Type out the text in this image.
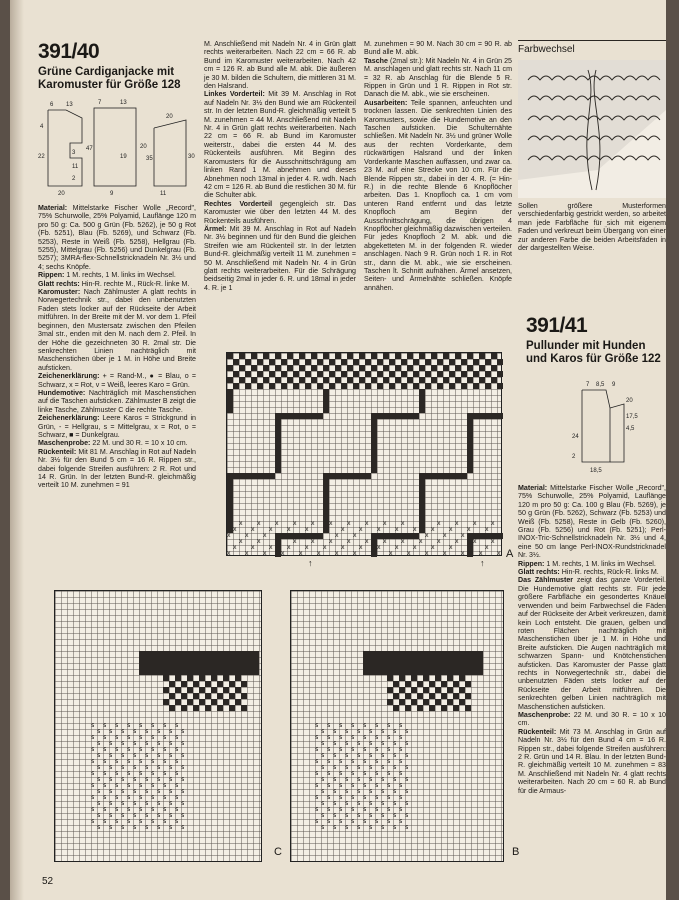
391/40
Grüne Cardiganjacke mit Karomuster für Größe 128
6 13	7	13
20
4
22
3
11
2
47	20
35	30
19
20	9	11

Material: Mittelstarke Fischer Wolle „Record", 75% Schurwolle, 25% Polyamid, Lauflänge 120 m pro 50 g: Ca. 500 g Grün (Fb. 5262), je 50 g Rot (Fb. 5251), Blau (Fb. 5269), und Schwarz (Fb. 5253), Reste in Weiß (Fb. 5258), Hellgrau (Fb. 5255), Mittelgrau (Fb. 5256) und Dunkelgrau (Fb. 5257); 3MRA-flex-Schnellstricknadeln Nr. 3½ und 4; sechs Knöpfe.

Rippen: 1 M. rechts, 1 M. links im Wechsel.

Glatt rechts: Hin-R. rechte M., Rück-R. linke M.

Karomuster: Nach Zählmuster A glatt rechts in Norwegertechnik str., dabei den unbenutzten Faden stets locker auf der Rückseite der Arbeit mitführen. In der Breite mit der M. vor dem 1. Pfeil beginnen, den Mustersatz zwischen den Pfeilen 3mal str., enden mit den M. nach dem 2. Pfeil. In der Höhe die gezeichneten 30 R. 2mal str. Die senkrechten Linien nachträglich mit Maschenstichen über je 1 M. in Höhe und Breite aufsticken.

Zeichenerklärung: + = Rand-M., ● = Blau, o = Schwarz, x = Rot, v = Weiß, leeres Karo = Grün.

Hundemotive: Nachträglich mit Maschenstichen auf die Taschen aufsticken. Zählmuster B zeigt die linke Tasche, Zählmuster C die rechte Tasche.

Zeichenerklärung: Leere Karos = Strickgrund in Grün, - = Hellgrau, s = Mittelgrau, x = Rot, o = Schwarz, ■ = Dunkelgrau.

Maschenprobe: 22 M. und 30 R. = 10 x 10 cm.

Rückenteil: Mit 81 M. Anschlag in Rot auf Nadeln Nr. 3½ für den Bund 5 cm = 16 R. Rippen str., dabei folgende Streifen ausführen: 2 R. Rot und 14 R. Grün. In der letzten Bund-R. gleichmäßig verteilt 10 M. zunehmen = 91

M. Anschließend mit Nadeln Nr. 4 in Grün glatt rechts weiterarbeiten. Nach 22 cm = 66 R. ab Bund im Karomuster weiterarbeiten. Nach 42 cm = 126 R. ab Bund alle M. abk. Die äußeren je 30 M. bilden die Schultern, die mittleren 31 M. den Halsrand.

Linkes Vorderteil: Mit 39 M. Anschlag in Rot auf Nadeln Nr. 3½ den Bund wie am Rückenteil str. In der letzten Bund-R. gleichmäßig verteilt 5 M. zunehmen = 44 M. Anschließend mit Nadeln Nr. 4 in Grün glatt rechts weiterarbeiten. Nach 22 cm = 66 R. ab Bund im Karomuster weiterstr., dabei die ersten 44 M. des Rückenteils ausführen. Mit Beginn des Karomusters für die Ausschnittschrägung am linken Rand 1 M. abnehmen und dieses Abnehmen noch 13mal in jeder 4. R. wdh. Nach 42 cm = 126 R. ab Bund die restlichen 30 M. für die Schulter abk.

Rechtes Vorderteil gegengleich str. Das Karomuster wie über den letzten 44 M. des Rückenteils ausführen.

Ärmel: Mit 39 M. Anschlag in Rot auf Nadeln Nr. 3½ beginnen und für den Bund die gleichen Streifen wie am Rückenteil str. In der letzten Bund-R. gleichmäßig verteilt 11 M. zunehmen = 50 M. Anschließend mit Nadeln Nr. 4 in Grün glatt rechts weiterarbeiten. Für die Schrägung beidseitig 2mal in jeder 6. R. und 18mal in jeder 4. R. je 1

M. zunehmen = 90 M. Nach 30 cm = 90 R. ab Bund alle M. abk.

Tasche (2mal str.): Mit Nadeln Nr. 4 in Grün 25 M. anschlagen und glatt rechts str. Nach 11 cm = 32 R. ab Anschlag für die Blende 5 R. Rippen in Grün und 1 R. Rippen in Rot str. Danach die M. abk., wie sie erscheinen.

Ausarbeiten: Teile spannen, anfeuchten und trocknen lassen. Die senkrechten Linien des Karomusters, sowie die Hundemotive an den Taschen aufsticken. Die Schulternähte schließen. Mit Nadeln Nr. 3½ und grüner Wolle aus der rechten Vorderkante, dem rückwärtigen Halsrand und der linken Vorderkante Maschen auffassen, und zwar ca. 23 M. auf eine Strecke von 10 cm. Für die Blende Rippen str., dabei in der 4. R. (= Hin-R.) in die rechte Blende 6 Knopflöcher arbeiten. Das 1. Knopfloch ca. 1 cm vom unteren Rand entfernt und das letzte Knopfloch am Beginn der Ausschnittschrägung, die übrigen 4 Knopflöcher gleichmäßig dazwischen verteilen. Für jedes Knopfloch 2 M. abk. und die abgeketteten M. in der folgenden R. wieder anschlagen. Nach 9 R. Grün noch 1 R. in Rot str., dann die M. abk., wie sie erscheinen. Taschen lt. Schnitt aufnähen. Ärmel ansetzen, Seiten- und Ärmelnähte schließen. Knöpfe annähen.

Farbwechsel
Sollen größere Musterformen verschiedenfarbig gestrickt werden, so arbeitet man jede Farbfläche für sich mit eigenem Faden und verkreuzt beim Übergang von einer zur anderen Farbe die beiden Arbeitsfäden in der dargestellten Weise.
391/41
Pullunder mit Hunden und Karos für Größe 122
7 8,5 9
20
17,5
4,5
24
2
18,5

Material: Mittelstarke Fischer Wolle „Record", 75% Schurwolle, 25% Polyamid, Lauflänge 120 m pro 50 g: Ca. 100 g Blau (Fb. 5269), je 50 g Grün (Fb. 5262), Schwarz (Fb. 5253) und Weiß (Fb. 5258), Reste in Gelb (Fb. 5260), Grau (Fb. 5256) und Rot (Fb. 5251); Perl-INOX-Tric-Schnellstricknadeln Nr. 3½ und 4, eine 50 cm lange Perl-INOX-Rundstricknadel Nr. 3½.

Rippen: 1 M. rechts, 1 M. links im Wechsel.

Glatt rechts: Hin-R. rechts, Rück-R. links M.

Das Zählmuster zeigt das ganze Vorderteil. Die Hundemotive glatt rechts str. Für jede größere Farbfläche ein gesondertes Knäuel verwenden und beim Farbwechsel die Fäden auf der Rückseite der Arbeit verkreuzen, damit kein Loch entsteht. Die grauen, gelben und roten Flächen nachträglich mit Maschenstichen über je 1 M. in Höhe und Breite aufsticken. Die Augen nachträglich mit schwarzen Spann- und Knötchenstichen aufsticken. Das Karomuster der Passe glatt rechts in Norwegertechnik str., dabei die unbenutzten Fäden stets locker auf der Rückseite der Arbeit mitführen. Die senkrechten gelben Linien nachträglich mit Maschenstichen aufsticken.

Maschenprobe: 22 M. und 30 R. = 10 x 10 cm.

Rückenteil: Mit 73 M. Anschlag in Grün auf Nadeln Nr. 3½ für den Bund 4 cm = 16 R. Rippen str., dabei folgende Streifen ausführen: 2 R. Grün und 14 R. Blau. In der letzten Bund-R. gleichmäßig verteilt 10 M. zunehmen = 83 M. Anschließend mit Nadeln Nr. 4 glatt rechts weiterarbeiten. Nach 20 cm = 60 R. ab Bund für die Armaus-

x x x x x x x x x x	x x x x
x x x x x	x x x x x x x x x
x x x	x x	x x x
x x	x x x x x x x x x x x x
x x x x x x x x x x x x x	x
x x x x x x x x	x x x x x x x A
↑	↑
s s s s s s s s
s s s s s s s s
s s s s s s s s
s s s s s s s s
s s s s s s s s
s s s s s s s s
s s s s s s s s
s s s s s s s s
s s s s s s s s
s s s s s s s s
s s s s s s s s
s s s s s s s s
s s s s s s s s
s s s s s s s s
s s s s s s s s
s s s s s s s s
s s s s s s s s
s s s s s s s s
C
s s s s s s s s
s s s s s s s s
s s s s s s s s
s s s s s s s s
s s s s s s s s
s s s s s s s s
s s s s s s s s
s s s s s s s s
s s s s s s s s
s s s s s s s s
s s s s s s s s
s s s s s s s s
s s s s s s s s
s s s s s s s s
s s s s s s s s
s s s s s s s s
s s s s s s s s
s s s s s s s s
B
52
